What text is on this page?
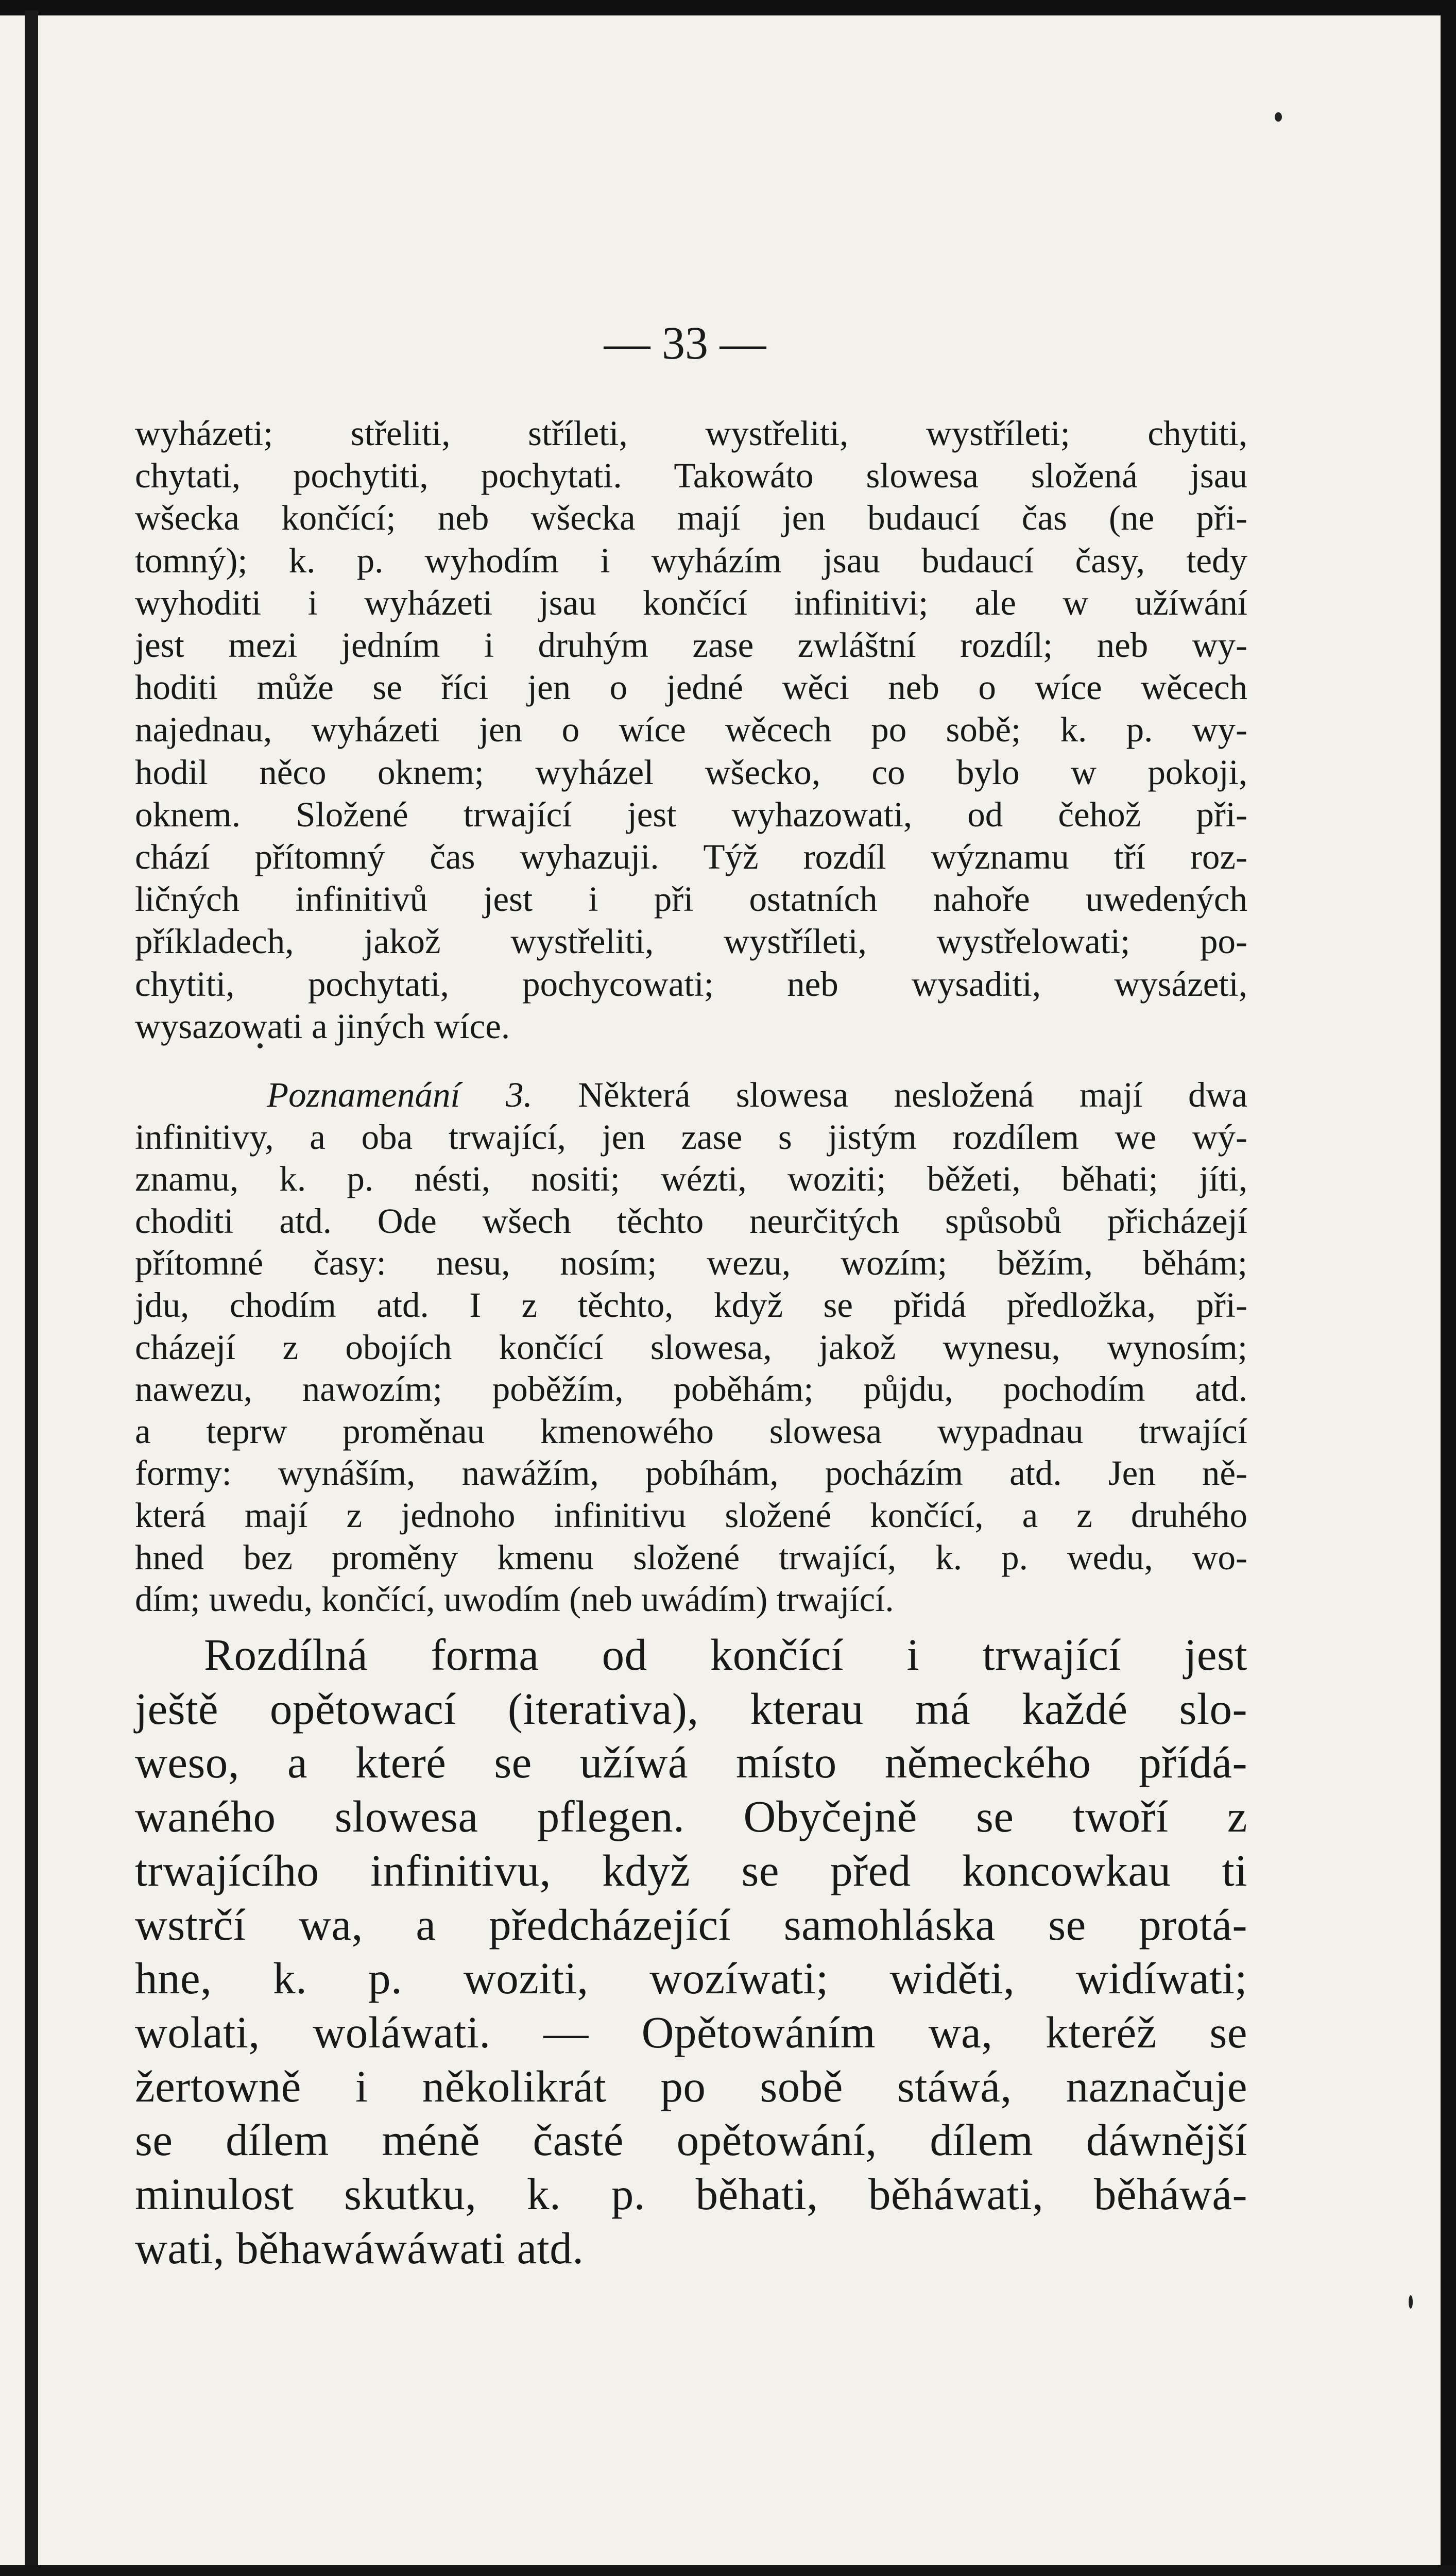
— 33 —
wyházeti; střeliti, stříleti, wystřeliti, wystříleti; chytiti,
chytati, pochytiti, pochytati. Takowáto slowesa složená jsau
wšecka končící; neb wšecka mají jen budaucí čas (ne při-
tomný); k. p. wyhodím i wyházím jsau budaucí časy, tedy
wyhoditi i wyházeti jsau končící infinitivi; ale w užíwání
jest mezi jedním i druhým zase zwláštní rozdíl; neb wy-
hoditi může se říci jen o jedné wěci neb o wíce wěcech
najednau, wyházeti jen o wíce wěcech po sobě; k. p. wy-
hodil něco oknem; wyházel wšecko, co bylo w pokoji,
oknem. Složené trwající jest wyhazowati, od čehož při-
chází přítomný čas wyhazuji. Týž rozdíl wýznamu tří roz-
ličných infinitivů jest i při ostatních nahoře uwedených
příkladech, jakož wystřeliti, wystříleti, wystřelowati; po-
chytiti, pochytati, pochycowati; neb wysaditi, wysázeti,
wysazowati a jiných wíce.
Poznamenání 3. Některá slowesa nesložená mají dwa
infinitivy, a oba trwající, jen zase s jistým rozdílem we wý-
znamu, k. p. nésti, nositi; wézti, woziti; běžeti, běhati; jíti,
choditi atd. Ode wšech těchto neurčitých spůsobů přicházejí
přítomné časy: nesu, nosím; wezu, wozím; běžím, běhám;
jdu, chodím atd. I z těchto, když se přidá předložka, při-
cházejí z obojích končící slowesa, jakož wynesu, wynosím;
nawezu, nawozím; poběžím, poběhám; půjdu, pochodím atd.
a teprw proměnau kmenowého slowesa wypadnau trwající
formy: wynáším, nawážím, pobíhám, pocházím atd. Jen ně-
která mají z jednoho infinitivu složené končící, a z druhého
hned bez proměny kmenu složené trwající, k. p. wedu, wo-
dím; uwedu, končící, uwodím (neb uwádím) trwající.
Rozdílná forma od končící i trwající jest
ještě opětowací (iterativa), kterau má každé slo-
weso, a které se užíwá místo německého přídá-
waného slowesa pflegen. Obyčejně se twoří z
trwajícího infinitivu, když se před koncowkau ti
wstrčí wa, a předcházející samohláska se protá-
hne, k. p. woziti, wozíwati; widěti, widíwati;
wolati, woláwati. — Opětowáním wa, kteréž se
žertowně i několikrát po sobě stáwá, naznačuje
se dílem méně časté opětowání, dílem dáwnější
minulost skutku, k. p. běhati, běháwati, běháwá-
wati, běhawáwáwati atd.
